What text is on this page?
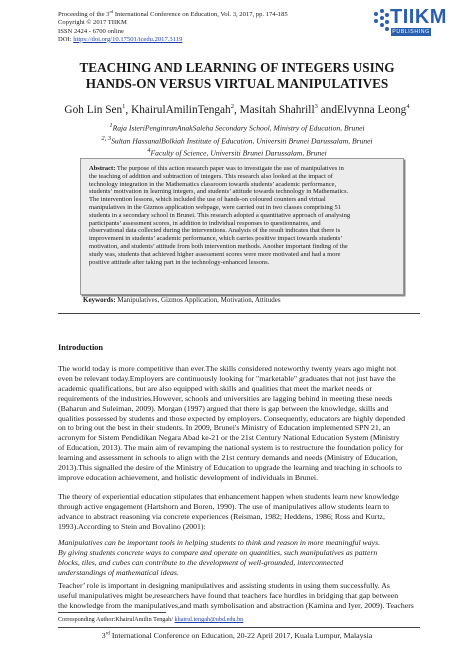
Proceeding of the 3rd International Conference on Education, Vol. 3, 2017, pp. 174-185
Copyright © 2017 TIIKM
ISSN 2424 - 6700 online
DOI: https://doi.org/10.17501/icedu.2017.3119
TIIKM
PUBLISHING
TEACHING AND LEARNING OF INTEGERS USING
HANDS-ON VERSUS VIRTUAL MANIPULATIVES
Goh Lin Sen$^1$, KhairulAmilinTengah$^2$, Masitah Shahrill$^3$ andElvynna Leong$^4$
$^1$Raja IsteriPenginranAnakSaleha Secondary School, Ministry of Education, Brunei
$^{2, 3}$Sultan HassanalBolkiah Institute of Education, Universiti Brunei Darussalam, Brunei
$^4$Faculty of Science, Universiti Brunei Darussalam, Brunei
Abstract: The purpose of this action research paper was to investigate the use of manipulatives in
the teaching of addition and subtraction of integers. This research also looked at the impact of
technology integration in the Mathematics classroom towards students’ academic performance,
students’ motivation in learning integers, and students’ attitude towards technology in Mathematics.
The intervention lessons, which included the use of hands-on coloured counters and virtual
manipulatives in the Gizmos application webpage, were carried out in two classes comprising 51
students in a secondary school in Brunei. This research adopted a quantitative approach of analysing
participants’ assessment scores, in addition to individual responses to questionnaires, and
observational data collected during the interventions. Analysis of the result indicates that there is
improvement in students’ academic performance, which carries positive impact towards students’
motivation, and students’ attitude from both intervention methods. Another important finding of the
study was, students that achieved higher assessment scores were more motivated and had a more
positive attitude after taking part in the technology-enhanced lessons.
Keywords: Manipulatives, Gizmos Application, Motivation, Attitudes
Introduction
The world today is more competitive than ever.The skills considered noteworthy twenty years ago might not
even be relevant today.Employers are continuously looking for "marketable" graduates that not just have the
academic qualifications, but are also equipped with skills and qualities that meet the market needs or
requirements of the industries.However, schools and universities are lagging behind in meeting these needs
(Baharun and Suleiman, 2009). Morgan (1997) argued that there is gap between the knowledge, skills and
qualities possessed by students and those expected by employers. Consequently, educators are highly depended
on to bring out the best in their students. In 2009, Brunei's Ministry of Education implemented SPN 21, an
acronym for Sistem Pendidikan Negara Abad ke-21 or the 21st Century National Education System (Ministry
of Education, 2013). The main aim of revamping the national system is to restructure the foundation policy for
learning and assessment in schools to align with the 21st century demands and needs (Ministry of Education,
2013).This signalled the desire of the Ministry of Education to upgrade the learning and teaching in schools to
improve education achievement, and holistic development of individuals in Brunei.
The theory of experiential education stipulates that enhancement happen when students learn new knowledge
through active engagement (Hartshorn and Boren, 1990). The use of manipulatives allow students learn to
advance to abstract reasoning via concrete experiences (Reisman, 1982; Heddens, 1986; Ross and Kurtz,
1993).According to Stein and Bovalino (2001):
Manipulatives can be important tools in helping students to think and reason in more meaningful ways.
By giving students concrete ways to compare and operate on quantities, such manipulatives as pattern
blocks, tiles, and cubes can contribute to the development of well-grounded, interconnected
understandings of mathematical ideas.
Teacher’ role is important in designing manipulatives and assisting students in using them successfully. As
useful manipulatives might be,researchers have found that teachers face hurdles in bridging that gap between
the knowledge from the manipulatives,and math symbolisation and abstraction (Kamina and Iyer, 2009). Teachers
Corresponding Author:KhairulAmilin Tengah/ khairul.tengah@ubd.edu.bn
3rd International Conference on Education, 20-22 April 2017, Kuala Lumpur, Malaysia
